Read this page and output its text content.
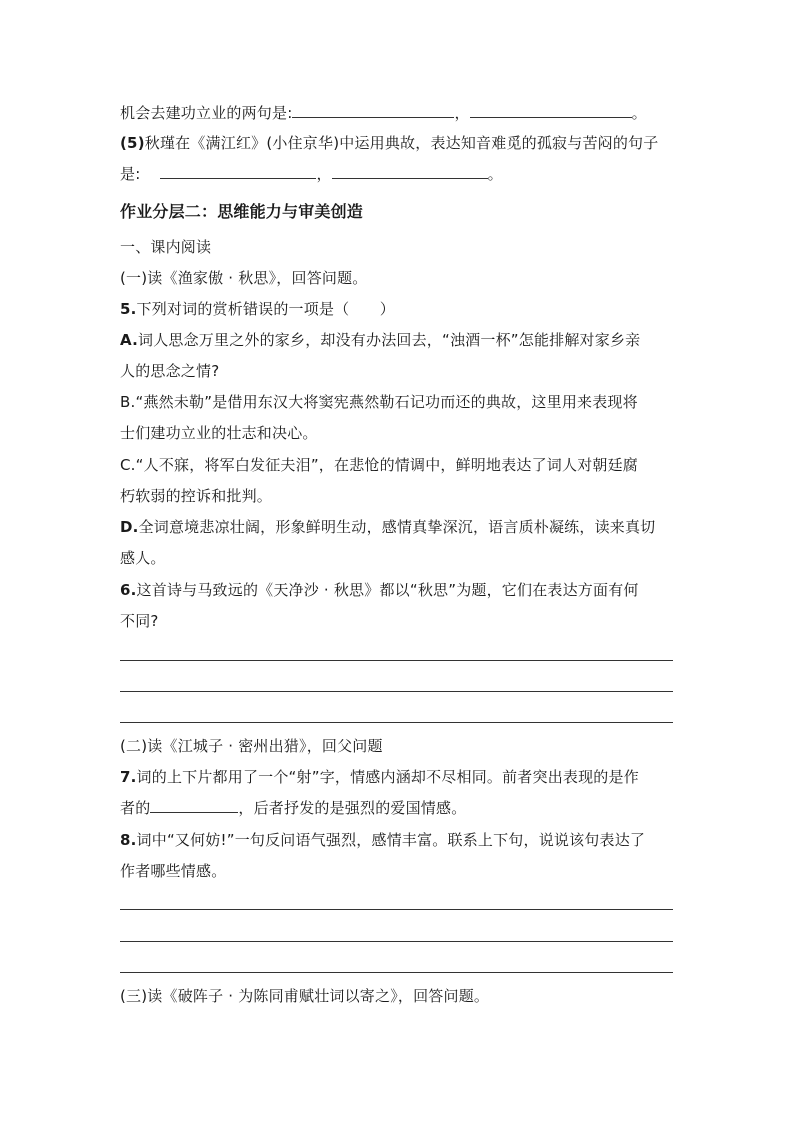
机会去建功立业的两句是:	，	。
(5)秋瑾在《满江红》(小住京华)中运用典故，表达知音难觅的孤寂与苦闷的句子
是:	，	。
作业分层二：思维能力与审美创造
一、课内阅读
(一)读《渔家傲 · 秋思》，回答问题。
5.下列对词的赏析错误的一项是（　　）
A.词人思念万里之外的家乡，却没有办法回去，“浊酒一杯”怎能排解对家乡亲
人的思念之情?
B.“燕然未勒”是借用东汉大将窦宪燕然勒石记功而还的典故，这里用来表现将
士们建功立业的壮志和决心。
C.“人不寐，将军白发征夫泪”，在悲怆的情调中，鲜明地表达了词人对朝廷腐
朽软弱的控诉和批判。
D.全词意境悲凉壮阔，形象鲜明生动，感情真挚深沉，语言质朴凝练，读来真切
感人。
6.这首诗与马致远的《天净沙 · 秋思》都以“秋思”为题，它们在表达方面有何
不同?
(二)读《江城子 · 密州出猎》，回父问题
7.词的上下片都用了一个“射”字，情感内涵却不尽相同。前者突出表现的是作
者的	，后者抒发的是强烈的爱国情感。
8.词中“又何妨!”一句反问语气强烈，感情丰富。联系上下句，说说该句表达了
作者哪些情感。
(三)读《破阵子 · 为陈同甫赋壮词以寄之》，回答问题。
